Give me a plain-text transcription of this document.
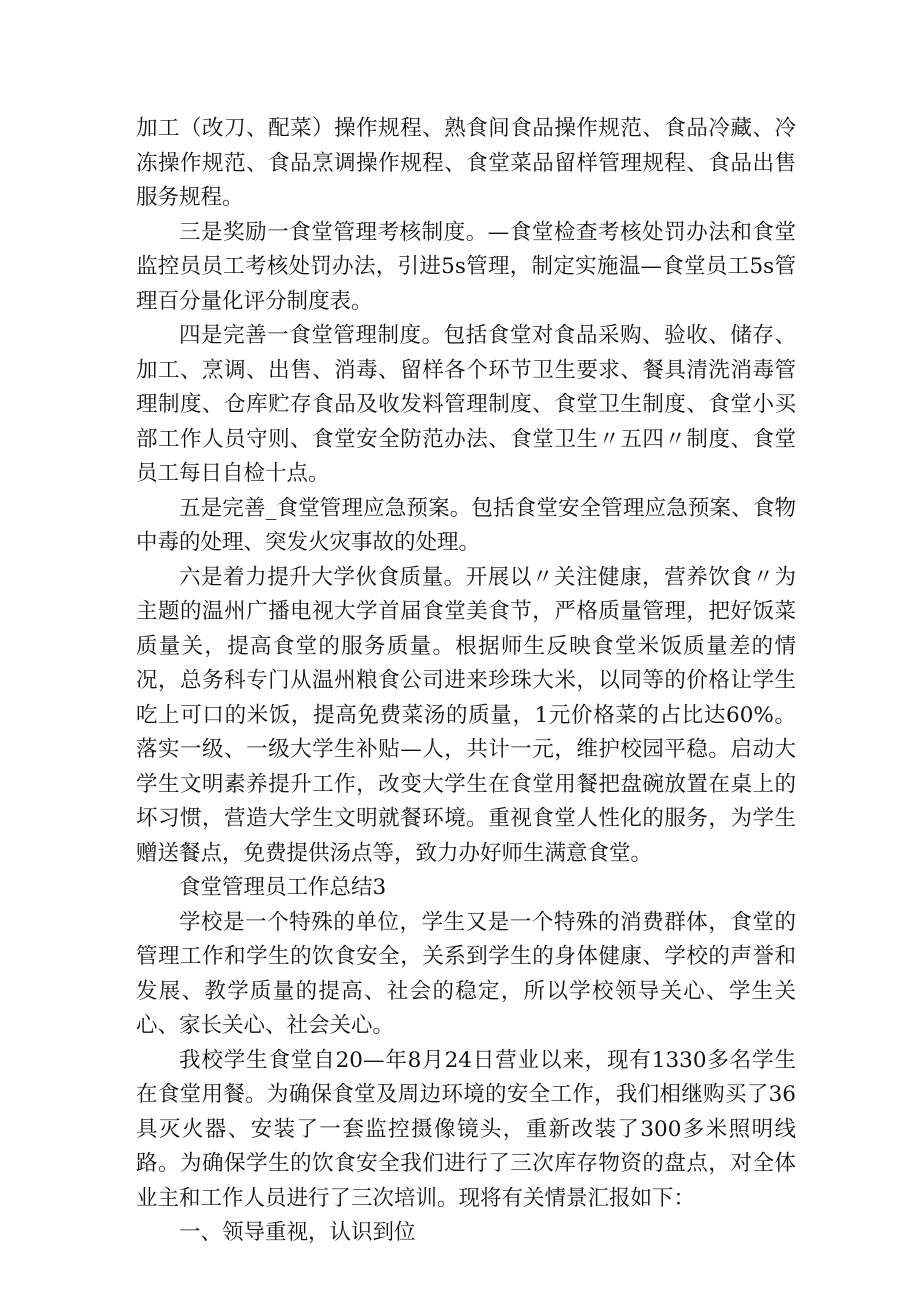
加工（改刀、配菜）操作规程、熟食间食品操作规范、食品冷藏、冷冻操作规范、食品烹调操作规程、食堂菜品留样管理规程、食品出售服务规程。

三是奖励一食堂管理考核制度。—食堂检查考核处罚办法和食堂监控员员工考核处罚办法，引进5s管理，制定实施温—食堂员工5s管理百分量化评分制度表。

四是完善一食堂管理制度。包括食堂对食品采购、验收、储存、加工、烹调、出售、消毒、留样各个环节卫生要求、餐具清洗消毒管理制度、仓库贮存食品及收发料管理制度、食堂卫生制度、食堂小买部工作人员守则、食堂安全防范办法、食堂卫生〃五四〃制度、食堂员工每日自检十点。

五是完善_食堂管理应急预案。包括食堂安全管理应急预案、食物中毒的处理、突发火灾事故的处理。

六是着力提升大学伙食质量。开展以〃关注健康，营养饮食〃为主题的温州广播电视大学首届食堂美食节，严格质量管理，把好饭菜质量关，提高食堂的服务质量。根据师生反映食堂米饭质量差的情况，总务科专门从温州粮食公司进来珍珠大米，以同等的价格让学生吃上可口的米饭，提高免费菜汤的质量，1元价格菜的占比达60%。落实一级、一级大学生补贴—人，共计一元，维护校园平稳。启动大学生文明素养提升工作，改变大学生在食堂用餐把盘碗放置在桌上的坏习惯，营造大学生文明就餐环境。重视食堂人性化的服务，为学生赠送餐点，免费提供汤点等，致力办好师生满意食堂。

食堂管理员工作总结3

学校是一个特殊的单位，学生又是一个特殊的消费群体，食堂的管理工作和学生的饮食安全，关系到学生的身体健康、学校的声誉和发展、教学质量的提高、社会的稳定，所以学校领导关心、学生关心、家长关心、社会关心。

我校学生食堂自20—年8月24日营业以来，现有1330多名学生在食堂用餐。为确保食堂及周边环境的安全工作，我们相继购买了36具灭火器、安装了一套监控摄像镜头，重新改装了300多米照明线路。为确保学生的饮食安全我们进行了三次库存物资的盘点，对全体业主和工作人员进行了三次培训。现将有关情景汇报如下：

一、领导重视，认识到位
